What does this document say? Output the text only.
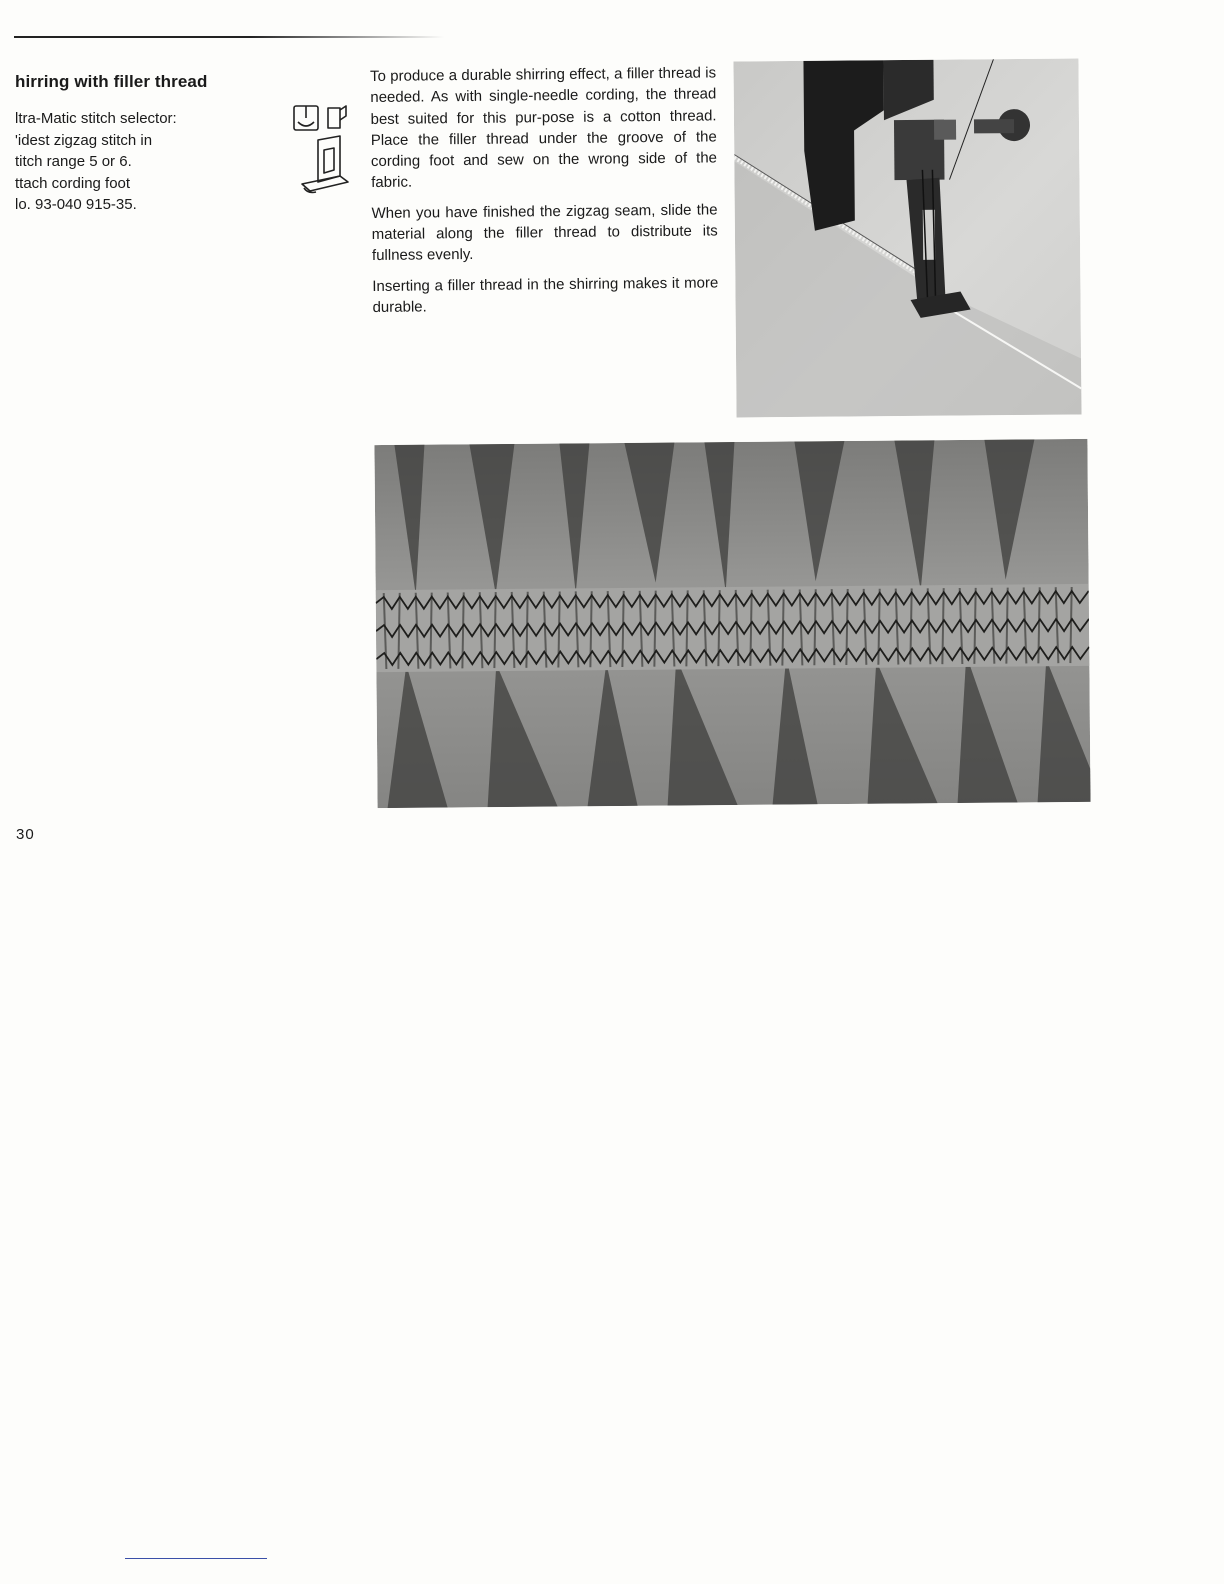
hirring with filler thread
ltra-Matic stitch selector:
'idest zigzag stitch in
titch range 5 or 6.
ttach cording foot
lo. 93-040 915-35.

To produce a durable shirring effect, a filler thread is needed. As with single-needle cording, the thread best suited for this pur-pose is a cotton thread. Place the filler thread under the groove of the cording foot and sew on the wrong side of the fabric.

When you have finished the zigzag seam, slide the material along the filler thread to distribute its fullness evenly.

Inserting a filler thread in the shirring makes it more durable.

30
